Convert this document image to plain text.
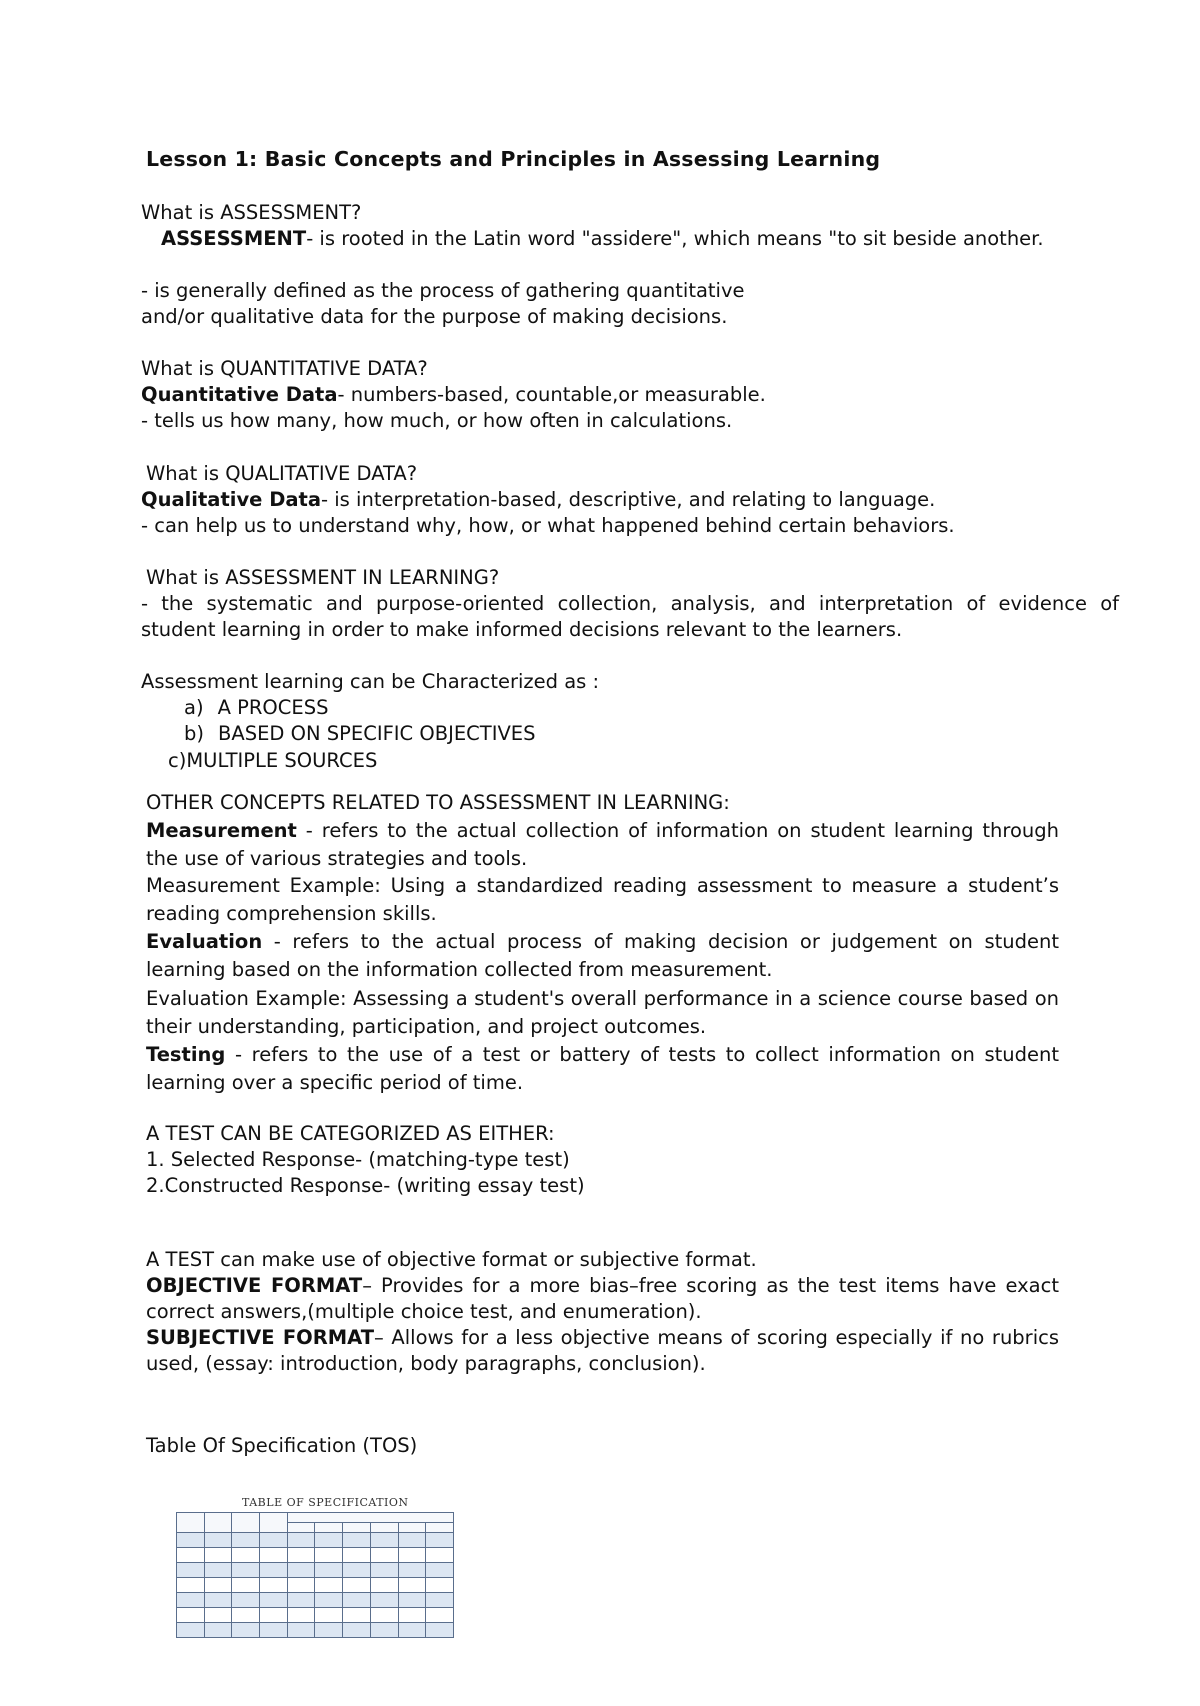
Lesson 1: Basic Concepts and Principles in Assessing Learning
What is ASSESSMENT?
ASSESSMENT- is rooted in the Latin word "assidere", which means "to sit beside another.
- is generally defined as the process of gathering quantitative
and/or qualitative data for the purpose of making decisions.
What is QUANTITATIVE DATA?
Quantitative Data- numbers-based, countable,or measurable.
- tells us how many, how much, or how often in calculations.
What is QUALITATIVE DATA?
Qualitative Data- is interpretation-based, descriptive, and relating to language.
- can help us to understand why, how, or what happened behind certain behaviors.
What is ASSESSMENT IN LEARNING?
- the systematic and purpose-oriented collection, analysis, and interpretation of evidence of student learning in order to make informed decisions relevant to the learners.
Assessment learning can be Characterized as :
a) A PROCESS
b) BASED ON SPECIFIC OBJECTIVES
c)MULTIPLE SOURCES
OTHER CONCEPTS RELATED TO ASSESSMENT IN LEARNING:
Measurement - refers to the actual collection of information on student learning through the use of various strategies and tools.
Measurement Example: Using a standardized reading assessment to measure a student’s reading comprehension skills.
Evaluation - refers to the actual process of making decision or judgement on student learning based on the information collected from measurement.
Evaluation Example: Assessing a student's overall performance in a science course based on their understanding, participation, and project outcomes.
Testing - refers to the use of a test or battery of tests to collect information on student learning over a specific period of time.
A TEST CAN BE CATEGORIZED AS EITHER:
1. Selected Response- (matching-type test)
2.Constructed Response- (writing essay test)
A TEST can make use of objective format or subjective format.
OBJECTIVE FORMAT– Provides for a more bias–free scoring as the test items have exact correct answers,(multiple choice test, and enumeration).
SUBJECTIVE FORMAT– Allows for a less objective means of scoring especially if no rubrics used, (essay: introduction, body paragraphs, conclusion).
Table Of Specification (TOS)
TABLE OF SPECIFICATION
